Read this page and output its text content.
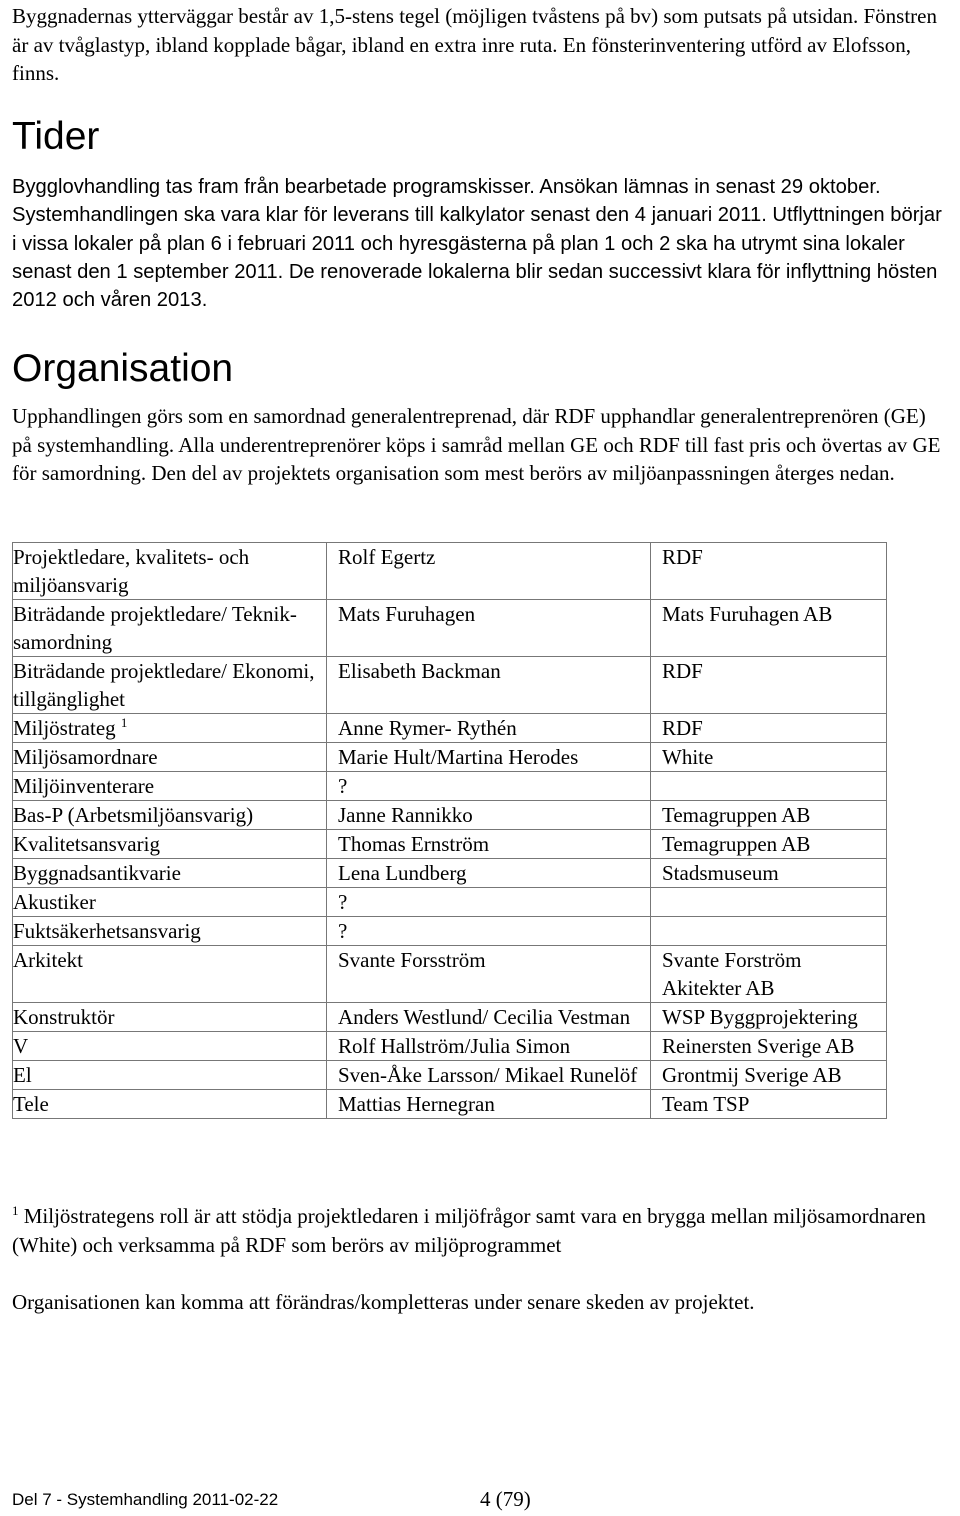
Byggnadernas ytterväggar består av 1,5-stens tegel (möjligen tvåstens på bv) som putsats på utsidan. Fönstren är av tvåglastyp, ibland kopplade bågar, ibland en extra inre ruta. En fönsterinventering utförd av Elofsson, finns.

Tider

Bygglovhandling tas fram från bearbetade programskisser. Ansökan lämnas in senast 29 oktober. Systemhandlingen ska vara klar för leverans till kalkylator senast den 4 januari 2011. Utflyttningen börjar i vissa lokaler på plan 6 i februari 2011 och hyresgästerna på plan 1 och 2 ska ha utrymt sina lokaler senast den 1 september 2011. De renoverade lokalerna blir sedan successivt klara för inflyttning hösten 2012 och våren 2013.

Organisation

Upphandlingen görs som en samordnad generalentreprenad, där RDF upphandlar generalentreprenören (GE) på systemhandling. Alla underentreprenörer köps i samråd mellan GE och RDF till fast pris och övertas av GE för samordning. Den del av projektets organisation som mest berörs av miljöanpassningen återges nedan.

Projektledare, kvalitets- och miljöansvarig	Rolf Egertz	RDF
Biträdande projektledare/ Tekniksamordning	Mats Furuhagen	Mats Furuhagen AB
Biträdande projektledare/ Ekonomi, tillgänglighet	Elisabeth Backman	RDF
Miljöstrateg $^1$	Anne Rymer- Rythén	RDF
Miljösamordnare	Marie Hult/Martina Herodes	White
Miljöinventerare	?	
Bas-P (Arbetsmiljöansvarig)	Janne Rannikko	Temagruppen AB
Kvalitetsansvarig	Thomas Ernström	Temagruppen AB
Byggnadsantikvarie	Lena Lundberg	Stadsmuseum
Akustiker	?	
Fuktsäkerhetsansvarig	?	
Arkitekt	Svante Forsström	Svante Forström Akitekter AB
Konstruktör	Anders Westlund/ Cecilia Vestman	WSP Byggprojektering
V	Rolf Hallström/Julia Simon	Reinersten Sverige AB
El	Sven-Åke Larsson/ Mikael Runelöf	Grontmij Sverige AB
Tele	Mattias Hernegran	Team TSP
$^1$ Miljöstrategens roll är att stödja projektledaren i miljöfrågor samt vara en brygga mellan miljösamordnaren (White) och verksamma på RDF som berörs av miljöprogrammet

Organisationen kan komma att förändras/kompletteras under senare skeden av projektet.

Del 7 - Systemhandling 2011-02-22	4 (79)
